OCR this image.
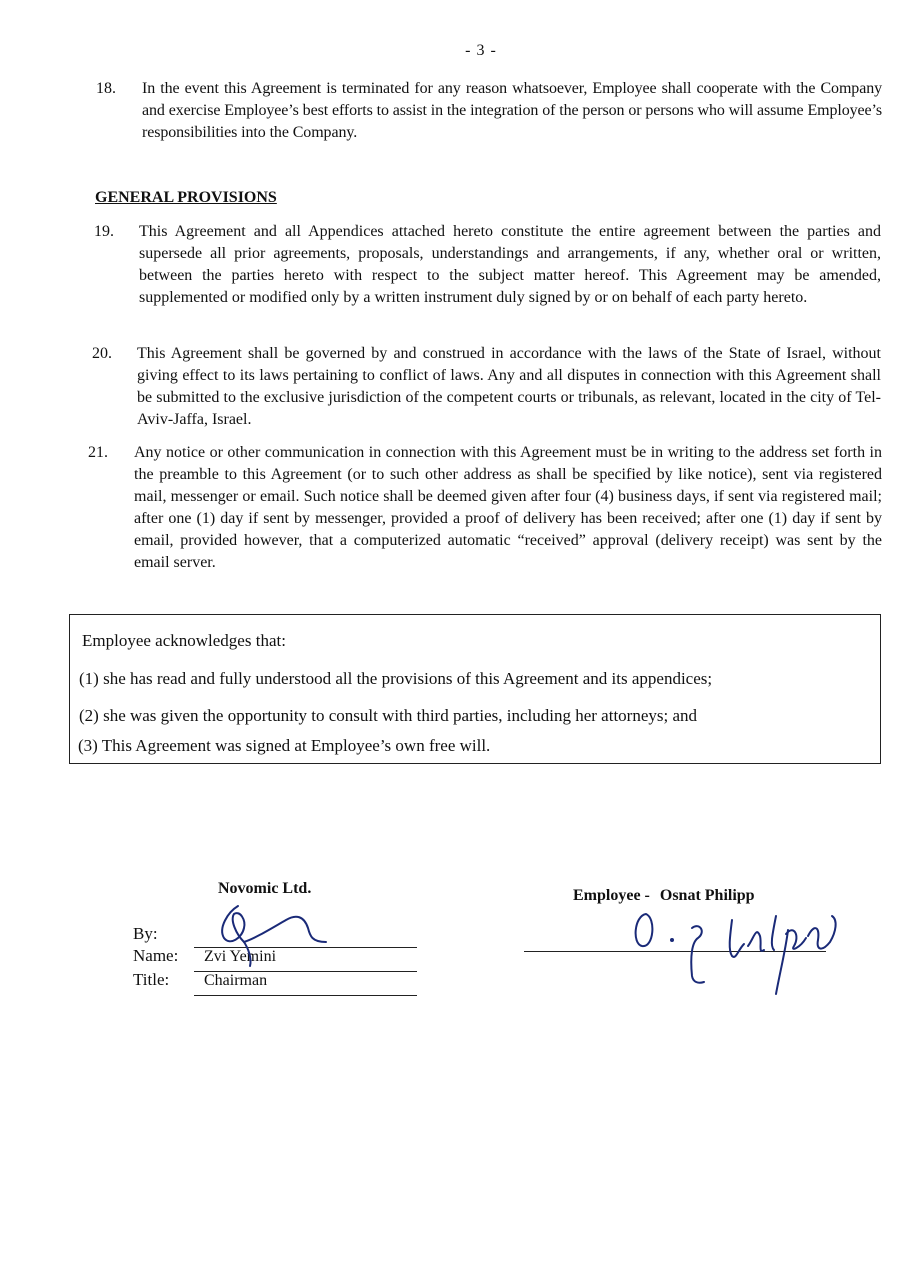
- 3 -
18. In the event this Agreement is terminated for any reason whatsoever, Employee shall cooperate with the Company and exercise Employee’s best efforts to assist in the integration of the person or persons who will assume Employee’s responsibilities into the Company.
GENERAL PROVISIONS
19. This Agreement and all Appendices attached hereto constitute the entire agreement between the parties and supersede all prior agreements, proposals, understandings and arrangements, if any, whether oral or written, between the parties hereto with respect to the subject matter hereof. This Agreement may be amended, supplemented or modified only by a written instrument duly signed by or on behalf of each party hereto.
20. This Agreement shall be governed by and construed in accordance with the laws of the State of Israel, without giving effect to its laws pertaining to conflict of laws. Any and all disputes in connection with this Agreement shall be submitted to the exclusive jurisdiction of the competent courts or tribunals, as relevant, located in the city of Tel-Aviv-Jaffa, Israel.
21. Any notice or other communication in connection with this Agreement must be in writing to the address set forth in the preamble to this Agreement (or to such other address as shall be specified by like notice), sent via registered mail, messenger or email. Such notice shall be deemed given after four (4) business days, if sent via registered mail; after one (1) day if sent by messenger, provided a proof of delivery has been received; after one (1) day if sent by email, provided however, that a computerized automatic “received” approval (delivery receipt) was sent by the email server.
Employee acknowledges that:
(1) she has read and fully understood all the provisions of this Agreement and its appendices;
(2) she was given the opportunity to consult with third parties, including her attorneys; and
(3) This Agreement was signed at Employee’s own free will.
Novomic Ltd.	Employee - Osnat Philipp
By:
Name:
Title:
Zvi Yemini
Chairman
